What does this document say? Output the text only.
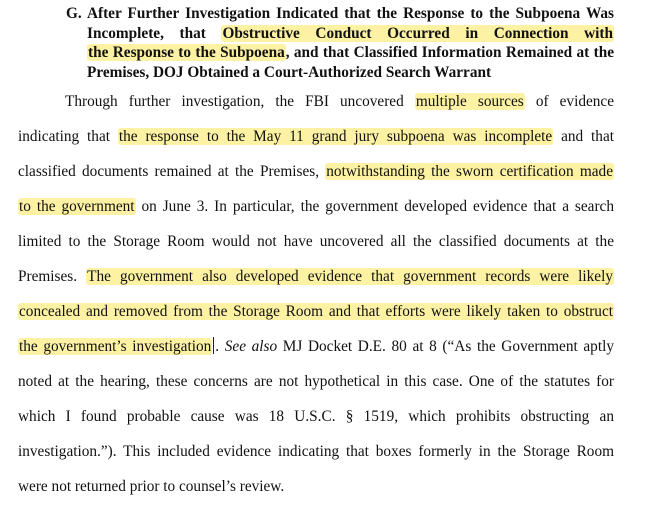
G. After Further Investigation Indicated that the Response to the Subpoena Was
Incomplete, that Obstructive Conduct Occurred in Connection with
the Response to the Subpoena, and that Classified Information Remained at the
Premises, DOJ Obtained a Court-Authorized Search Warrant
Through further investigation, the FBI uncovered multiple sources of evidence
indicating that the response to the May 11 grand jury subpoena was incomplete and that
classified documents remained at the Premises, notwithstanding the sworn certification made
to the government on June 3. In particular, the government developed evidence that a search
limited to the Storage Room would not have uncovered all the classified documents at the
Premises. The government also developed evidence that government records were likely
concealed and removed from the Storage Room and that efforts were likely taken to obstruct
the government’s investigation . See also MJ Docket D.E. 80 at 8 (“As the Government aptly
noted at the hearing, these concerns are not hypothetical in this case. One of the statutes for
which I found probable cause was 18 U.S.C. § 1519, which prohibits obstructing an
investigation.”). This included evidence indicating that boxes formerly in the Storage Room
were not returned prior to counsel’s review.
